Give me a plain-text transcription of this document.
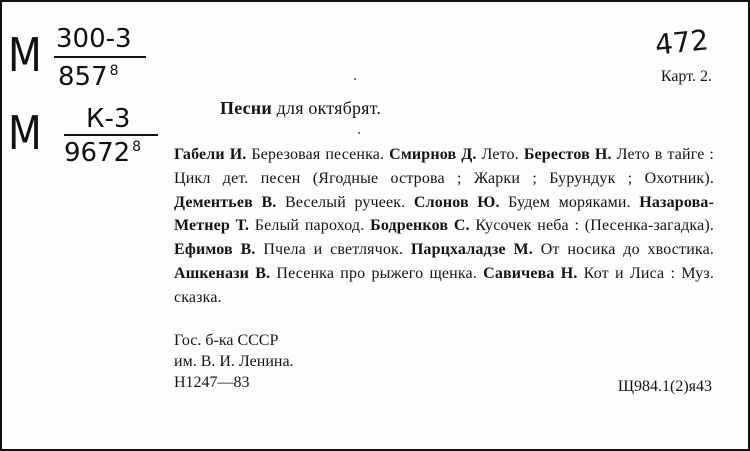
М 300-3
857 $^8$
М К-3
9672 $^8$
472
Карт. 2.
Песни для октябрят.
Габели И. Березовая песенка. Смирнов Д. Лето. Берестов Н. Лето в тайге : Цикл дет. песен (Ягодные острова ; Жарки ; Бурундук ; Охотник). Дементьев В. Веселый ручеек. Слонов Ю. Будем моряками. Назарова-Метнер Т. Белый пароход. Бодренков С. Кусочек неба : (Песенка-загадка). Ефимов В. Пчела и светлячок. Парцхаладзе М. От носика до хвостика. Ашкенази В. Песенка про рыжего щенка. Савичева Н. Кот и Лиса : Муз. сказка.
Гос. б-ка СССР
им. В. И. Ленина.
Н1247—83	Щ984.1(2)я43
